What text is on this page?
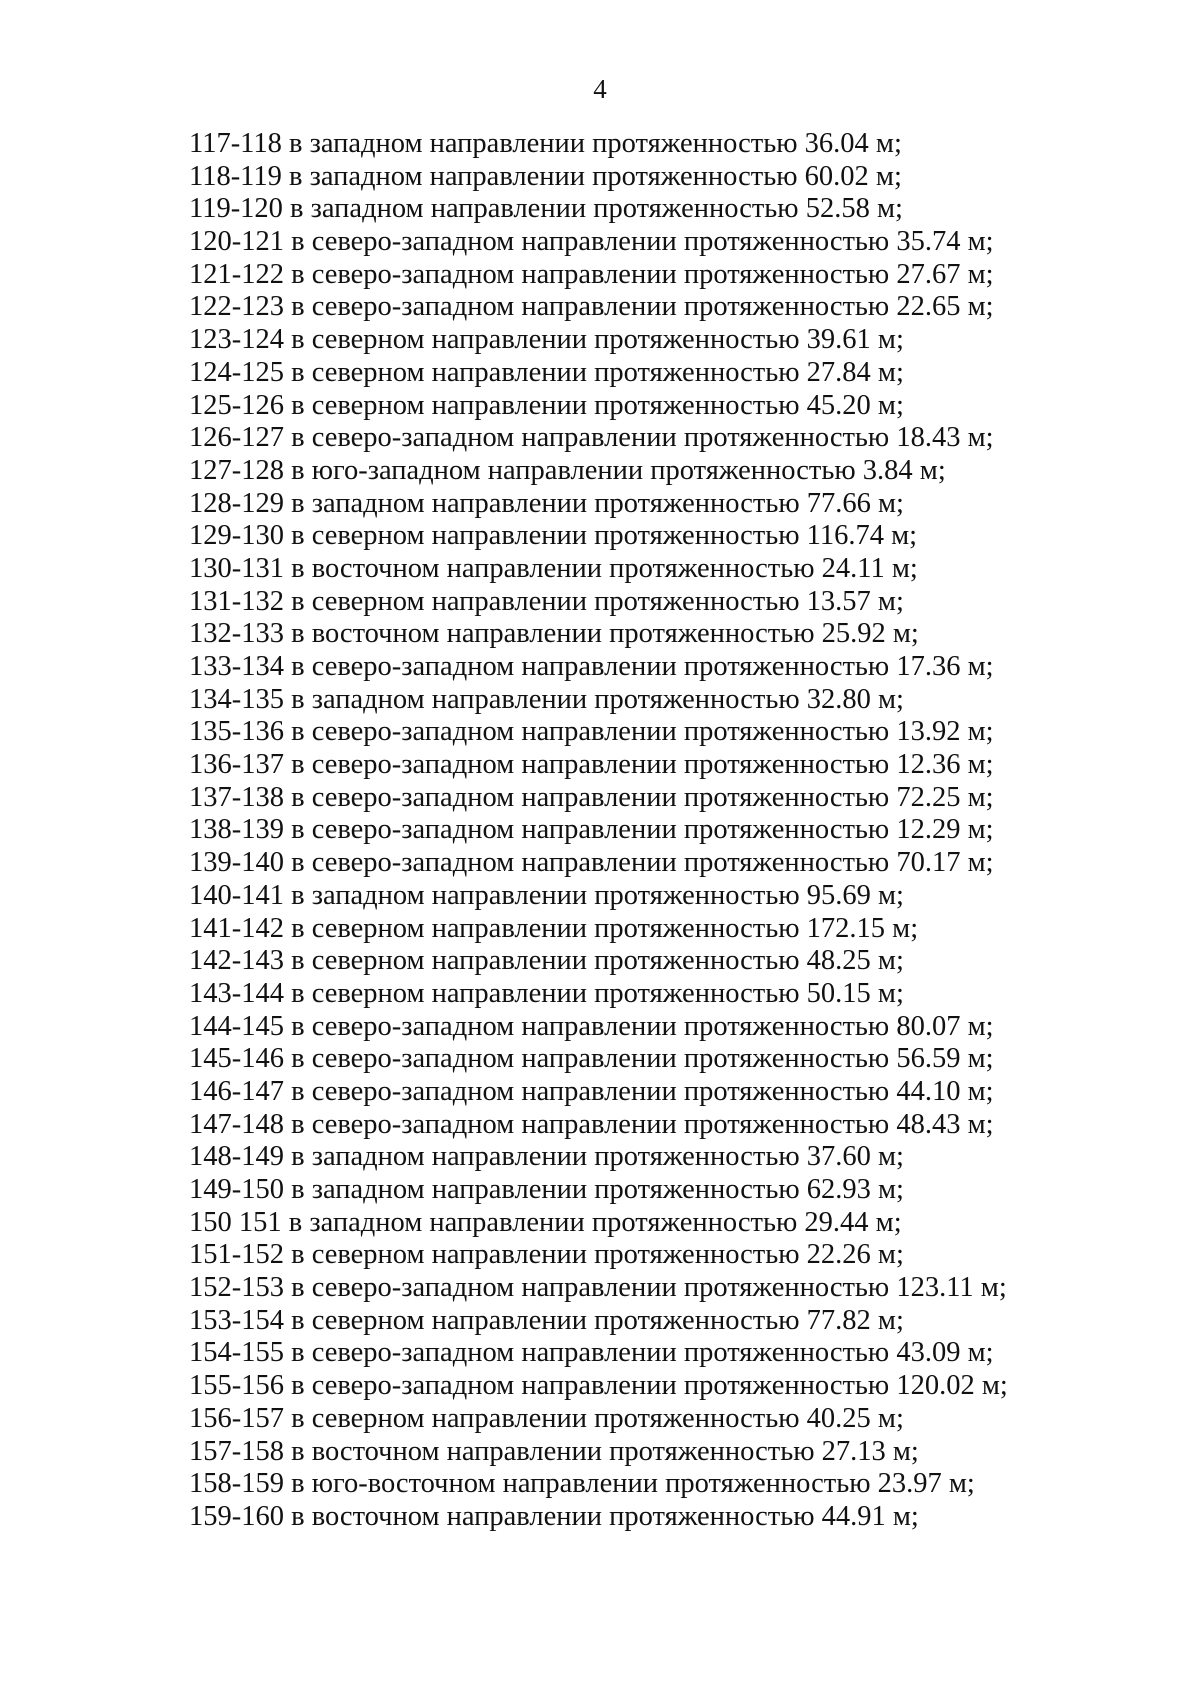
4
117-118 в западном направлении протяженностью 36.04 м;
118-119 в западном направлении протяженностью 60.02 м;
119-120 в западном направлении протяженностью 52.58 м;
120-121 в северо-западном направлении протяженностью 35.74 м;
121-122 в северо-западном направлении протяженностью 27.67 м;
122-123 в северо-западном направлении протяженностью 22.65 м;
123-124 в северном направлении протяженностью 39.61 м;
124-125 в северном направлении протяженностью 27.84 м;
125-126 в северном направлении протяженностью 45.20 м;
126-127 в северо-западном направлении протяженностью 18.43 м;
127-128 в юго-западном направлении протяженностью 3.84 м;
128-129 в западном направлении протяженностью 77.66 м;
129-130 в северном направлении протяженностью 116.74 м;
130-131 в восточном направлении протяженностью 24.11 м;
131-132 в северном направлении протяженностью 13.57 м;
132-133 в восточном направлении протяженностью 25.92 м;
133-134 в северо-западном направлении протяженностью 17.36 м;
134-135 в западном направлении протяженностью 32.80 м;
135-136 в северо-западном направлении протяженностью 13.92 м;
136-137 в северо-западном направлении протяженностью 12.36 м;
137-138 в северо-западном направлении протяженностью 72.25 м;
138-139 в северо-западном направлении протяженностью 12.29 м;
139-140 в северо-западном направлении протяженностью 70.17 м;
140-141 в западном направлении протяженностью 95.69 м;
141-142 в северном направлении протяженностью 172.15 м;
142-143 в северном направлении протяженностью 48.25 м;
143-144 в северном направлении протяженностью 50.15 м;
144-145 в северо-западном направлении протяженностью 80.07 м;
145-146 в северо-западном направлении протяженностью 56.59 м;
146-147 в северо-западном направлении протяженностью 44.10 м;
147-148 в северо-западном направлении протяженностью 48.43 м;
148-149 в западном направлении протяженностью 37.60 м;
149-150 в западном направлении протяженностью 62.93 м;
150 151 в западном направлении протяженностью 29.44 м;
151-152 в северном направлении протяженностью 22.26 м;
152-153 в северо-западном направлении протяженностью 123.11 м;
153-154 в северном направлении протяженностью 77.82 м;
154-155 в северо-западном направлении протяженностью 43.09 м;
155-156 в северо-западном направлении протяженностью 120.02 м;
156-157 в северном направлении протяженностью 40.25 м;
157-158 в восточном направлении протяженностью 27.13 м;
158-159 в юго-восточном направлении протяженностью 23.97 м;
159-160 в восточном направлении протяженностью 44.91 м;
